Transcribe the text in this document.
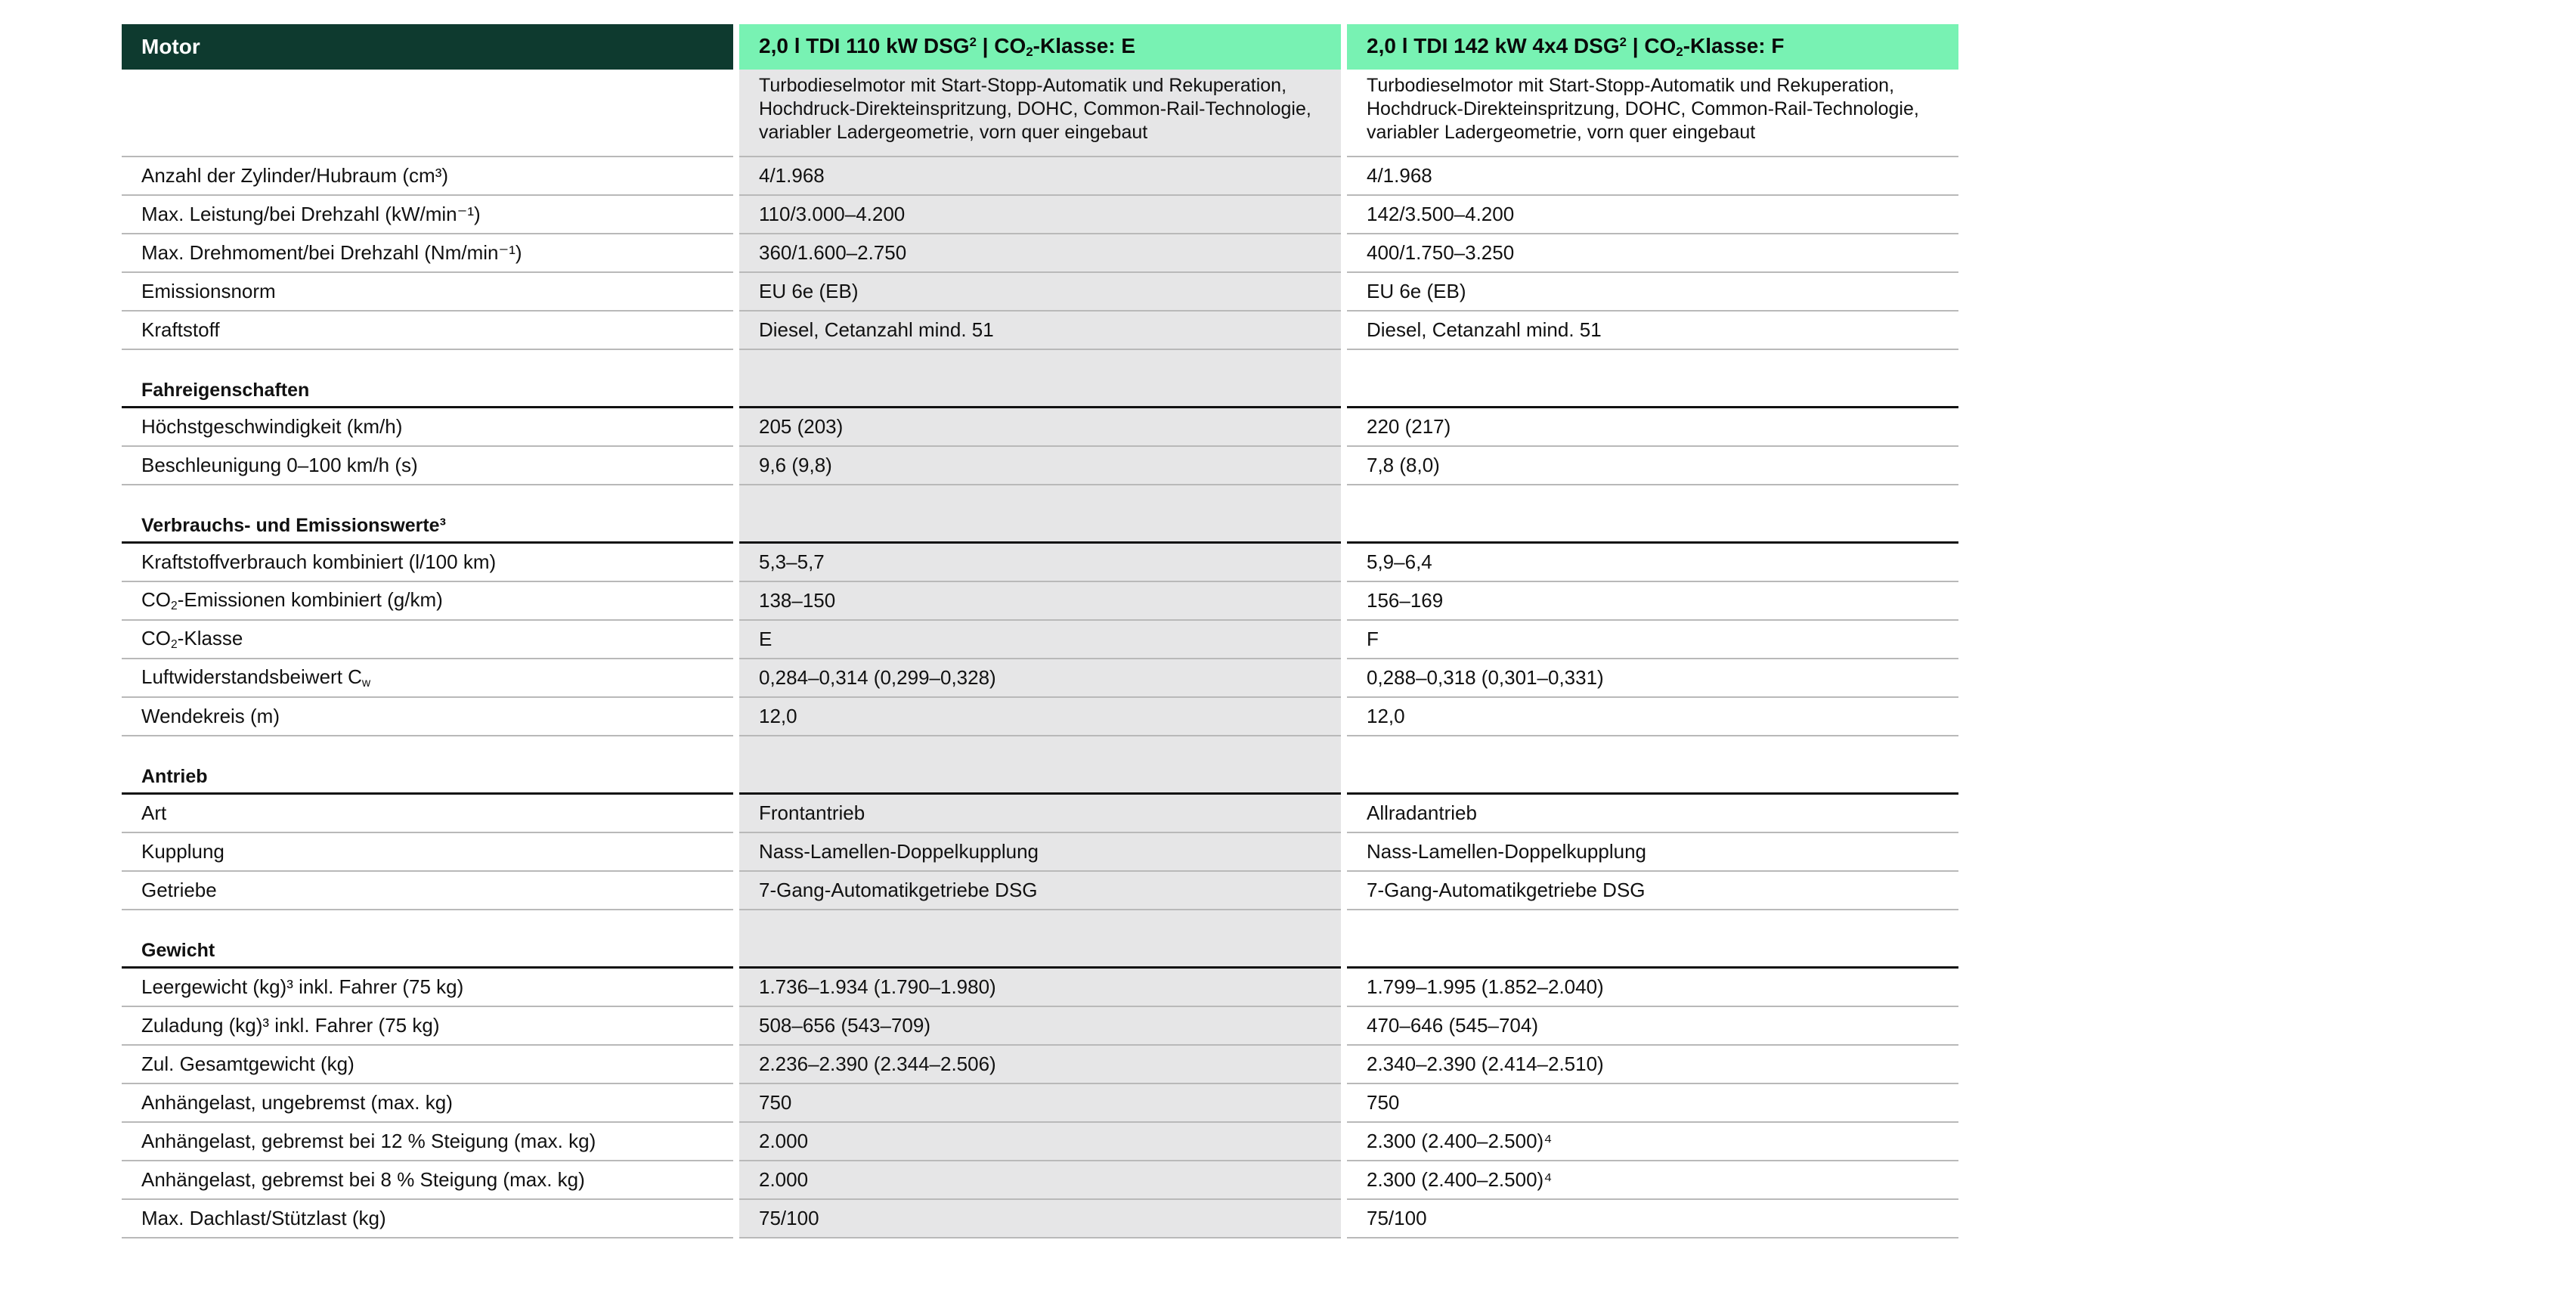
Motor		2,0 l TDI 110 kW DSG$^2$ | $CO_2$-Klasse: E		2,0 l TDI 142 kW 4x4 DSG$^2$ | $CO_2$-Klasse: F
		Turbodieselmotor mit Start-Stopp-Automatik und Rekuperation, Hochdruck-Direkteinspritzung, DOHC, Common-Rail-Technologie, variabler Ladergeometrie, vorn quer eingebaut		Turbodieselmotor mit Start-Stopp-Automatik und Rekuperation, Hochdruck-Direkteinspritzung, DOHC, Common-Rail-Technologie, variabler Ladergeometrie, vorn quer eingebaut
Anzahl der Zylinder/Hubraum (cm³)		4/1.968		4/1.968
Max. Leistung/bei Drehzahl (kW/min⁻¹)		110/3.000–4.200		142/3.500–4.200
Max. Drehmoment/bei Drehzahl (Nm/min⁻¹)		360/1.600–2.750		400/1.750–3.250
Emissionsnorm		EU 6e (EB)		EU 6e (EB)
Kraftstoff		Diesel, Cetanzahl mind. 51		Diesel, Cetanzahl mind. 51
Fahreigenschaften				
Höchstgeschwindigkeit (km/h)		205 (203)		220 (217)
Beschleunigung 0–100 km/h (s)		9,6 (9,8)		7,8 (8,0)
Verbrauchs- und Emissionswerte³				
Kraftstoffverbrauch kombiniert (l/100 km)		5,3–5,7		5,9–6,4
$CO_2$-Emissionen kombiniert (g/km)		138–150		156–169
$CO_2$-Klasse		E		F
Luftwiderstandsbeiwert $C_w$		0,284–0,314 (0,299–0,328)		0,288–0,318 (0,301–0,331)
Wendekreis (m)		12,0		12,0
Antrieb				
Art		Frontantrieb		Allradantrieb
Kupplung		Nass-Lamellen-Doppelkupplung		Nass-Lamellen-Doppelkupplung
Getriebe		7-Gang-Automatikgetriebe DSG		7-Gang-Automatikgetriebe DSG
Gewicht				
Leergewicht (kg)³ inkl. Fahrer (75 kg)		1.736–1.934 (1.790–1.980)		1.799–1.995 (1.852–2.040)
Zuladung (kg)³ inkl. Fahrer (75 kg)		508–656 (543–709)		470–646 (545–704)
Zul. Gesamtgewicht (kg)		2.236–2.390 (2.344–2.506)		2.340–2.390 (2.414–2.510)
Anhängelast, ungebremst (max. kg)		750		750
Anhängelast, gebremst bei 12 % Steigung (max. kg)		2.000		2.300 (2.400–2.500)⁴
Anhängelast, gebremst bei 8 % Steigung (max. kg)		2.000		2.300 (2.400–2.500)⁴
Max. Dachlast/Stützlast (kg)		75/100		75/100
